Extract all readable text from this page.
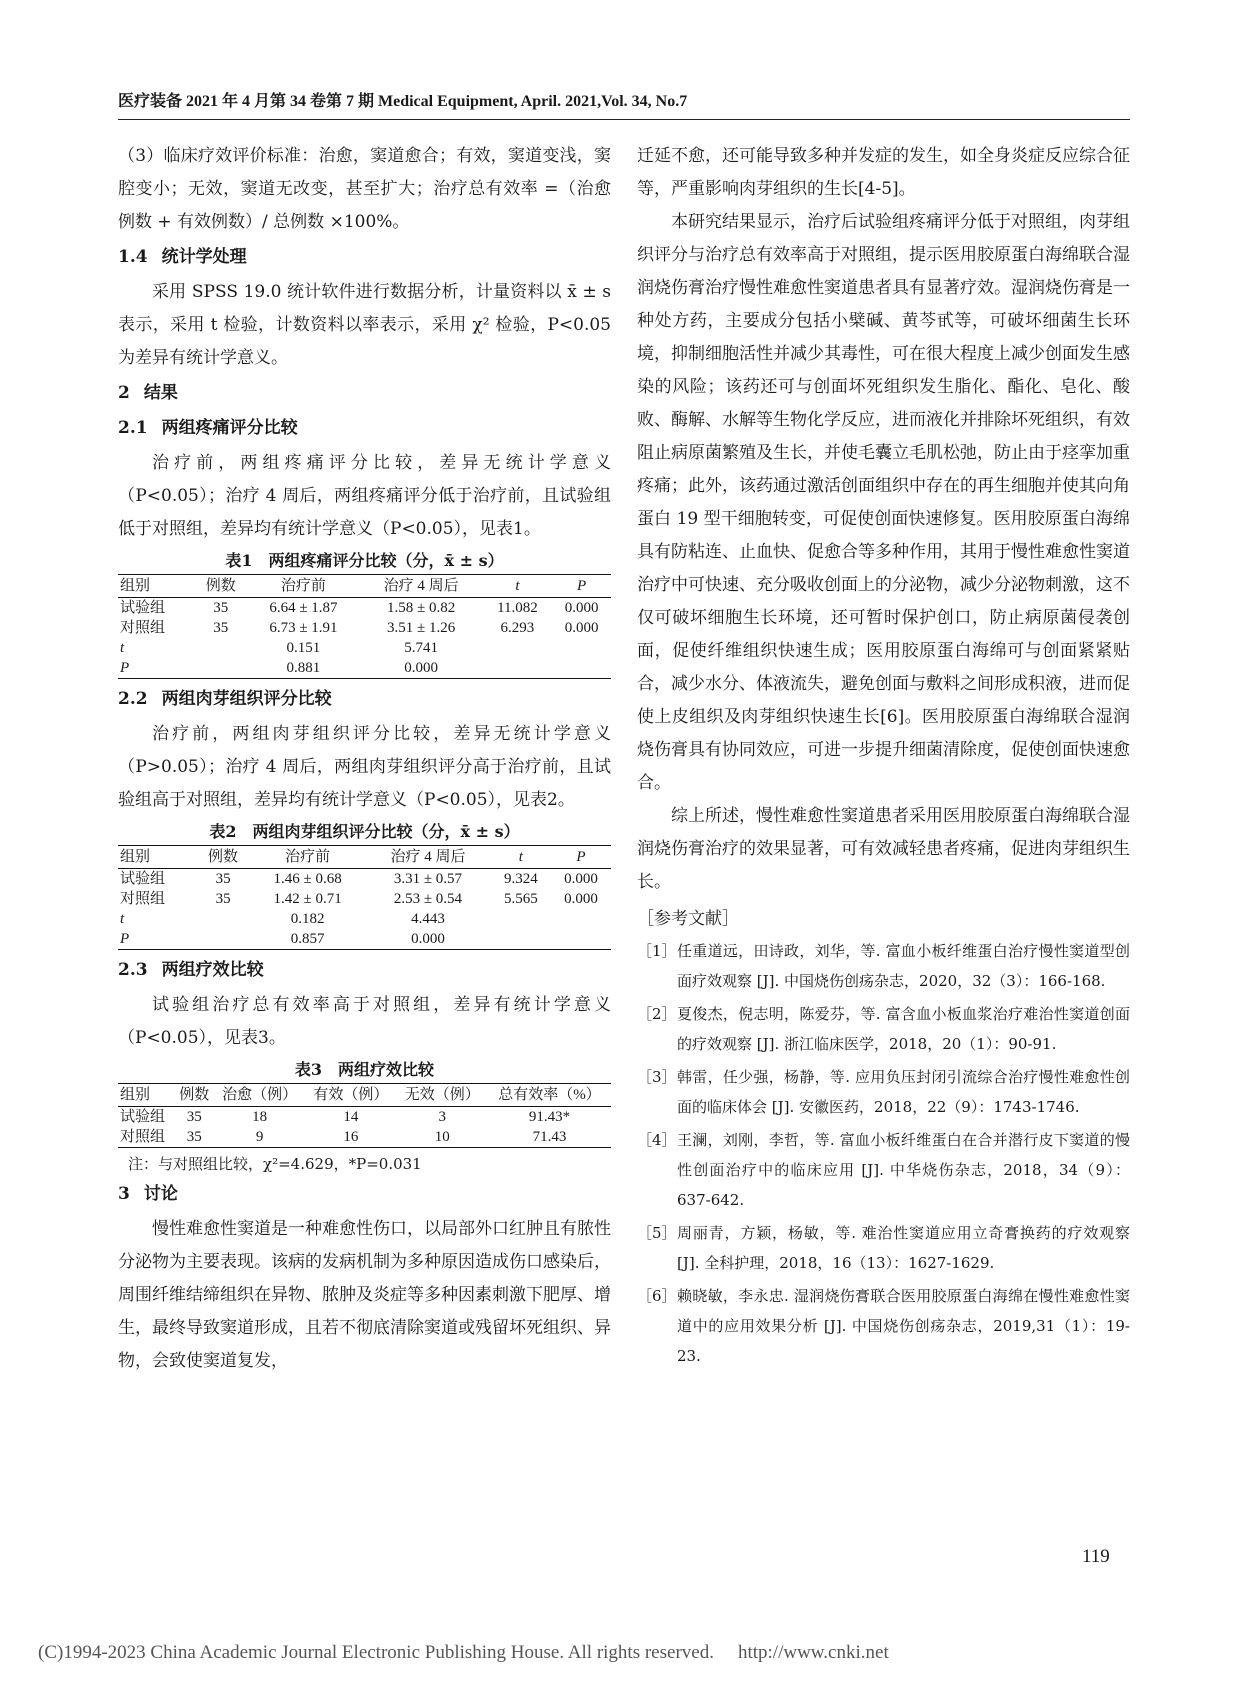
医疗装备 2021 年 4 月第 34 卷第 7 期 Medical Equipment, April. 2021,Vol. 34, No.7

（3）临床疗效评价标准：治愈，窦道愈合；有效，窦道变浅，窦腔变小；无效，窦道无改变，甚至扩大；治疗总有效率 =（治愈例数 + 有效例数）/ 总例数 ×100%。

1.4 统计学处理

采用 SPSS 19.0 统计软件进行数据分析，计量资料以 x̄ ± s 表示，采用 t 检验，计数资料以率表示，采用 χ² 检验，P<0.05 为差异有统计学意义。

2 结果
2.1 两组疼痛评分比较

治疗前，两组疼痛评分比较，差异无统计学意义（P<0.05）；治疗 4 周后，两组疼痛评分低于治疗前，且试验组低于对照组，差异均有统计学意义（P<0.05），见表1。

表1　两组疼痛评分比较（分，x̄ ± s）
组别	例数	治疗前	治疗 4 周后	t	P
试验组	35	6.64 ± 1.87	1.58 ± 0.82	11.082	0.000
对照组	35	6.73 ± 1.91	3.51 ± 1.26	6.293	0.000
t		0.151	5.741		
P		0.881	0.000		
2.2 两组肉芽组织评分比较

治疗前，两组肉芽组织评分比较，差异无统计学意义（P>0.05）；治疗 4 周后，两组肉芽组织评分高于治疗前，且试验组高于对照组，差异均有统计学意义（P<0.05），见表2。

表2　两组肉芽组织评分比较（分，x̄ ± s）
组别	例数	治疗前	治疗 4 周后	t	P
试验组	35	1.46 ± 0.68	3.31 ± 0.57	9.324	0.000
对照组	35	1.42 ± 0.71	2.53 ± 0.54	5.565	0.000
t		0.182	4.443		
P		0.857	0.000		
2.3 两组疗效比较

试验组治疗总有效率高于对照组，差异有统计学意义（P<0.05），见表3。

表3　两组疗效比较
组别	例数	治愈（例）	有效（例）	无效（例）	总有效率（%）
试验组	35	18	14	3	91.43*
对照组	35	9	16	10	71.43
注：与对照组比较，χ²=4.629，*P=0.031
3 讨论

慢性难愈性窦道是一种难愈性伤口，以局部外口红肿且有脓性分泌物为主要表现。该病的发病机制为多种原因造成伤口感染后，周围纤维结缔组织在异物、脓肿及炎症等多种因素刺激下肥厚、增生，最终导致窦道形成，且若不彻底清除窦道或残留坏死组织、异物，会致使窦道复发，

迁延不愈，还可能导致多种并发症的发生，如全身炎症反应综合征等，严重影响肉芽组织的生长[4-5]。

本研究结果显示，治疗后试验组疼痛评分低于对照组，肉芽组织评分与治疗总有效率高于对照组，提示医用胶原蛋白海绵联合湿润烧伤膏治疗慢性难愈性窦道患者具有显著疗效。湿润烧伤膏是一种处方药，主要成分包括小檗碱、黄芩甙等，可破坏细菌生长环境，抑制细胞活性并减少其毒性，可在很大程度上减少创面发生感染的风险；该药还可与创面坏死组织发生脂化、酯化、皂化、酸败、酶解、水解等生物化学反应，进而液化并排除坏死组织，有效阻止病原菌繁殖及生长，并使毛囊立毛肌松弛，防止由于痉挛加重疼痛；此外，该药通过激活创面组织中存在的再生细胞并使其向角蛋白 19 型干细胞转变，可促使创面快速修复。医用胶原蛋白海绵具有防粘连、止血快、促愈合等多种作用，其用于慢性难愈性窦道治疗中可快速、充分吸收创面上的分泌物，减少分泌物刺激，这不仅可破坏细胞生长环境，还可暂时保护创口，防止病原菌侵袭创面，促使纤维组织快速生成；医用胶原蛋白海绵可与创面紧紧贴合，减少水分、体液流失，避免创面与敷料之间形成积液，进而促使上皮组织及肉芽组织快速生长[6]。医用胶原蛋白海绵联合湿润烧伤膏具有协同效应，可进一步提升细菌清除度，促使创面快速愈合。

综上所述，慢性难愈性窦道患者采用医用胶原蛋白海绵联合湿润烧伤膏治疗的效果显著，可有效减轻患者疼痛，促进肉芽组织生长。

［参考文献］
［1］ 任重道远，田诗政，刘华，等. 富血小板纤维蛋白治疗慢性窦道型创面疗效观察 [J]. 中国烧伤创疡杂志，2020，32（3）：166-168.
［2］ 夏俊杰，倪志明，陈爱芬，等. 富含血小板血浆治疗难治性窦道创面的疗效观察 [J]. 浙江临床医学，2018，20（1）：90-91.
［3］ 韩雷，任少强，杨静，等. 应用负压封闭引流综合治疗慢性难愈性创面的临床体会 [J]. 安徽医药，2018，22（9）：1743-1746.
［4］ 王澜，刘刚，李哲，等. 富血小板纤维蛋白在合并潜行皮下窦道的慢性创面治疗中的临床应用 [J]. 中华烧伤杂志，2018，34（9）：637-642.
［5］ 周丽青，方颖，杨敏，等. 难治性窦道应用立奇膏换药的疗效观察 [J]. 全科护理，2018，16（13）：1627-1629.
［6］ 赖晓敏，李永忠. 湿润烧伤膏联合医用胶原蛋白海绵在慢性难愈性窦道中的应用效果分析 [J]. 中国烧伤创疡杂志，2019,31（1）：19-23.
119
(C)1994-2023 China Academic Journal Electronic Publishing House. All rights reserved. http://www.cnki.net
